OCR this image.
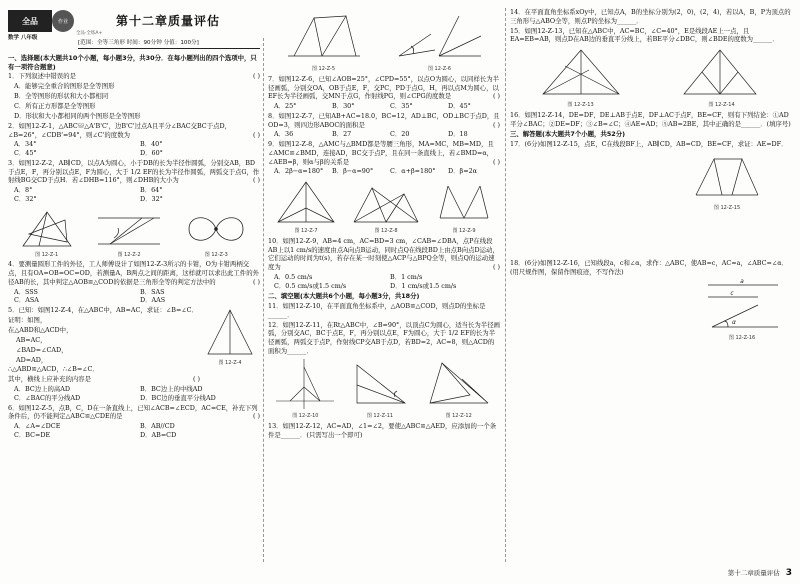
全品	作业
数学 八年级
全品·全练A+
第十二章质量评估
[范围：全等三角形 时间：90分钟 分值：100分]

一、选择题(本大题共10个小题，每小题3分，共30分．在每小题列出的四个选项中，只有一项符合题意)

1．下列叙述中错误的是	( )

A．能够完全重合的图形是全等图形

B．全等图形的形状和大小都相同

C．所有正方形都是全等图形

D．形状和大小都相同的两个图形是全等图形

2．如图12-Z-1，△ABC≌△A'B'C'，边B'C'过点A且平分∠BAC交BC于点D，∠B=26°，∠CDB'=94°，则∠C'的度数为	( )

A．34°	B．40°
C．45°	D．60°

3．如图12-Z-2，AB∥CD，以点A为圆心，小于DB的长为半径作圆弧，分别交AB，BD于点E，F，再分别以点E，F为圆心，大于 1/2 EF的长为半径作圆弧，两弧交于点G，作射线BG交CD于点H．若∠DHB=116°，则∠DHB的大小为	( )

A．8°	B．64°
C．32°	D．32°
图 12-Z-1	图 12-Z-2	图 12-Z-3

4．要测量圆形工件的外径，工人师傅设计了如图12-Z-3所示的卡钳，O为卡钳两柄交点，且有OA=OB=OC=OD，若测量A，B两点之间的距离，这样就可以求出此工件的外径AB的长，其中判定△AOB≌△COD的依据是三角形全等的判定方法中的	( )

A．SSS	B．SAS
C．ASA	D．AAS

5．已知：如图12-Z-4，在△ABC中，AB=AC，求证：∠B=∠C．

证明：如图，

在△ABD和△ACD中，

AB=AC，

∠BAD=∠CAD，

AD=AD，

∴△ABD≌△ACD，∴∠B=∠C．

其中，横线上应补充的内容是	( )

图 12-Z-4
A．BC边上的高AD	B．BC边上的中线AD
C．∠BAC的平分线AD	D．BC边的垂直平分线AD

6．如图12-Z-5，点B，C，D在一条直线上，已知∠ACB=∠ECD，AC=CE，补充下列条件后，仍不能判定△ABC≌△CDE的是	( )

A．∠A=∠DCE	B．AB//CD
C．BC=DE	D．AB=CD
图 12-Z-5	图 12-Z-6

7．如图12-Z-6，已知∠AOB=25°，∠CPD=55°，以点O为圆心，以同样长为半径画弧，分别交OA，OB于点E，F，交PC，PD于点G，H，再以点M为圆心，以EF长为半径画弧，交MN于点G，作射线PG，则∠CPG的度数是	( )

A．25°	B．30°	C．35°	D．45°

8．如图12-Z-7，已知AB+AC=18.0，BC=12，AD⊥BC，OD⊥BC于点D，且OD=3，则四边形ABOC的面积是	( )

A．36	B．27	C．20	D．18

9．如图12-Z-8，△AMC与△BMD都是等腰三角形，MA=MC，MB=MD，且∠AMC≌∠BMD，连接AD，BC交于点P，且在同一条直线上，若∠BMD=α，∠AEB=β，则α与β的关系是	( )

A．2β−α=180°	B．β−α=90°	C．α+β=180°	D．β=2α
图 12-Z-7	图 12-Z-8	图 12-Z-9

10．如图12-Z-9，AB=4 cm，AC=BD=3 cm，∠CAB=∠DBA，点P在线段AB上以1 cm/s的速度由点A向点B运动，同时点Q在线段BD上由点B向点D运动，它们运动的时间为t(s)，若存在某一时刻使△ACP与△BPQ全等，则点Q的运动速度为	( )

A．0.5 cm/s	B．1 cm/s
C．0.5 cm/s或1.5 cm/s	D．1 cm/s或1.5 cm/s

二、填空题(本大题共6个小题，每小题3分，共18分)

11．如图12-Z-10，在平面直角坐标系中，△AOB≌△COD，则点D的坐标是______．

12．如图12-Z-11，在Rt△ABC中，∠B=90°，以顶点C为圆心，适当长为半径画弧，分别交AC，BC于点E，F，再分别以点E，F为圆心，大于 1/2 EF的长为半径画弧，两弧交于点P，作射线CP交AB于点D，若BD=2，AC=8，则△ACD的面积为______．

图 12-Z-10	图 12-Z-11	图 12-Z-12

13．如图12-Z-12，AC=AD，∠1=∠2，要使△ABC≌△AED，应添加的一个条件是______．(只需写出一个即可)

14．在平面直角坐标系xOy中，已知点A，B的坐标分别为(2，0)，(2，4)，若以A，B，P为顶点的三角形与△ABO全等，则点P的坐标为______．

15．如图12-Z-13，已知在△ABC中，AC=BC，∠C=40°，E是线段AE上一点，且EA=EB=AB，则点D在AB边的垂直平分线上，若BE平分∠DBC，则∠BDE的度数为______．

图 12-Z-13	图 12-Z-14

16．如图12-Z-14，DE=DF，DE⊥AB于点E，DF⊥AC于点F，BE=CF，则有下列结论：①AD平分∠BAC；②DE=DF；③∠B=∠C；④AE=AD；⑤AB=2BE，其中正确的是______．(填序号)

三、解答题(本大题共7个小题，共52分)

17．(6分)如图12-Z-15，点E，C在线段BF上，AB∥CD，AB=CD，BE=CF，求证：AE=DF．

图 12-Z-15

18．(6分)如图12-Z-16，已知线段a，c和∠α，求作：△ABC，使AB=c，AC=a，∠ABC=∠α．(用尺规作图，保留作图痕迹，不写作法)

a
c
α
图 12-Z-16
第十二章质量评估 3
